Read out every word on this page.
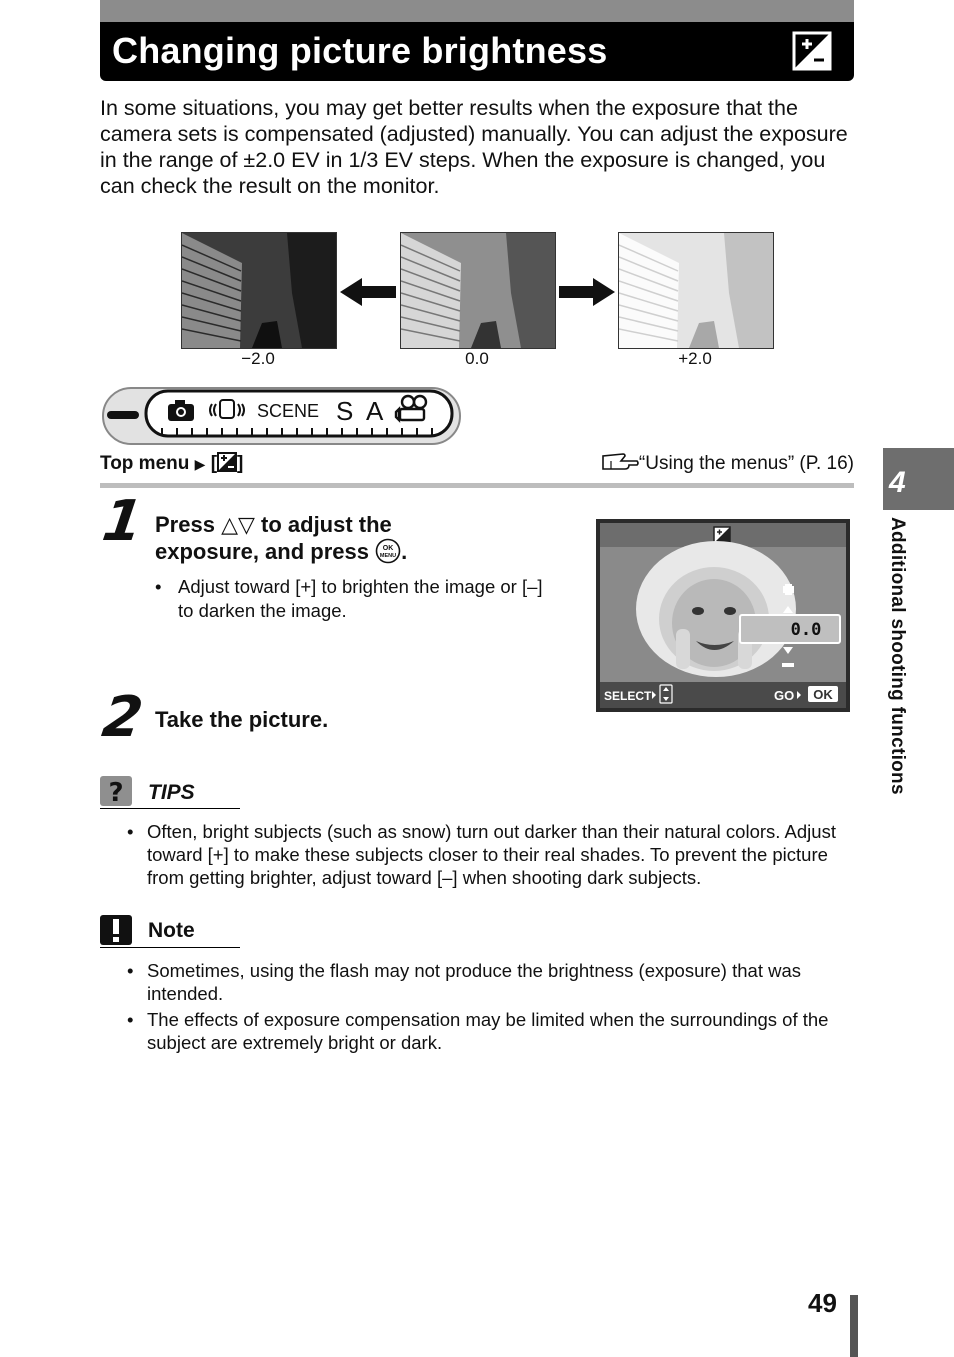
Changing picture brightness
In some situations, you may get better results when the exposure that the camera sets is compensated (adjusted) manually. You can adjust the exposure in the range of ±2.0 EV in 1/3 EV steps. When the exposure is changed, you can check the result on the monitor.
−2.0	0.0	+2.0
SCENE S A
Top menu ▶ [ ]	“Using the menus” (P. 16)
1 Press △▽ to adjust the
exposure, and press OK
MENU .
• Adjust toward [+] to brighten the image or [–] to darken the image.
0.0
SELECT	GO OK
2 Take the picture.
? TIPS
• Often, bright subjects (such as snow) turn out darker than their natural colors. Adjust toward [+] to make these subjects closer to their real shades. To prevent the picture from getting brighter, adjust toward [–] when shooting dark subjects.
Note
• Sometimes, using the flash may not produce the brightness (exposure) that was intended.
• The effects of exposure compensation may be limited when the surroundings of the subject are extremely bright or dark.
4
Additional shooting functions
49
